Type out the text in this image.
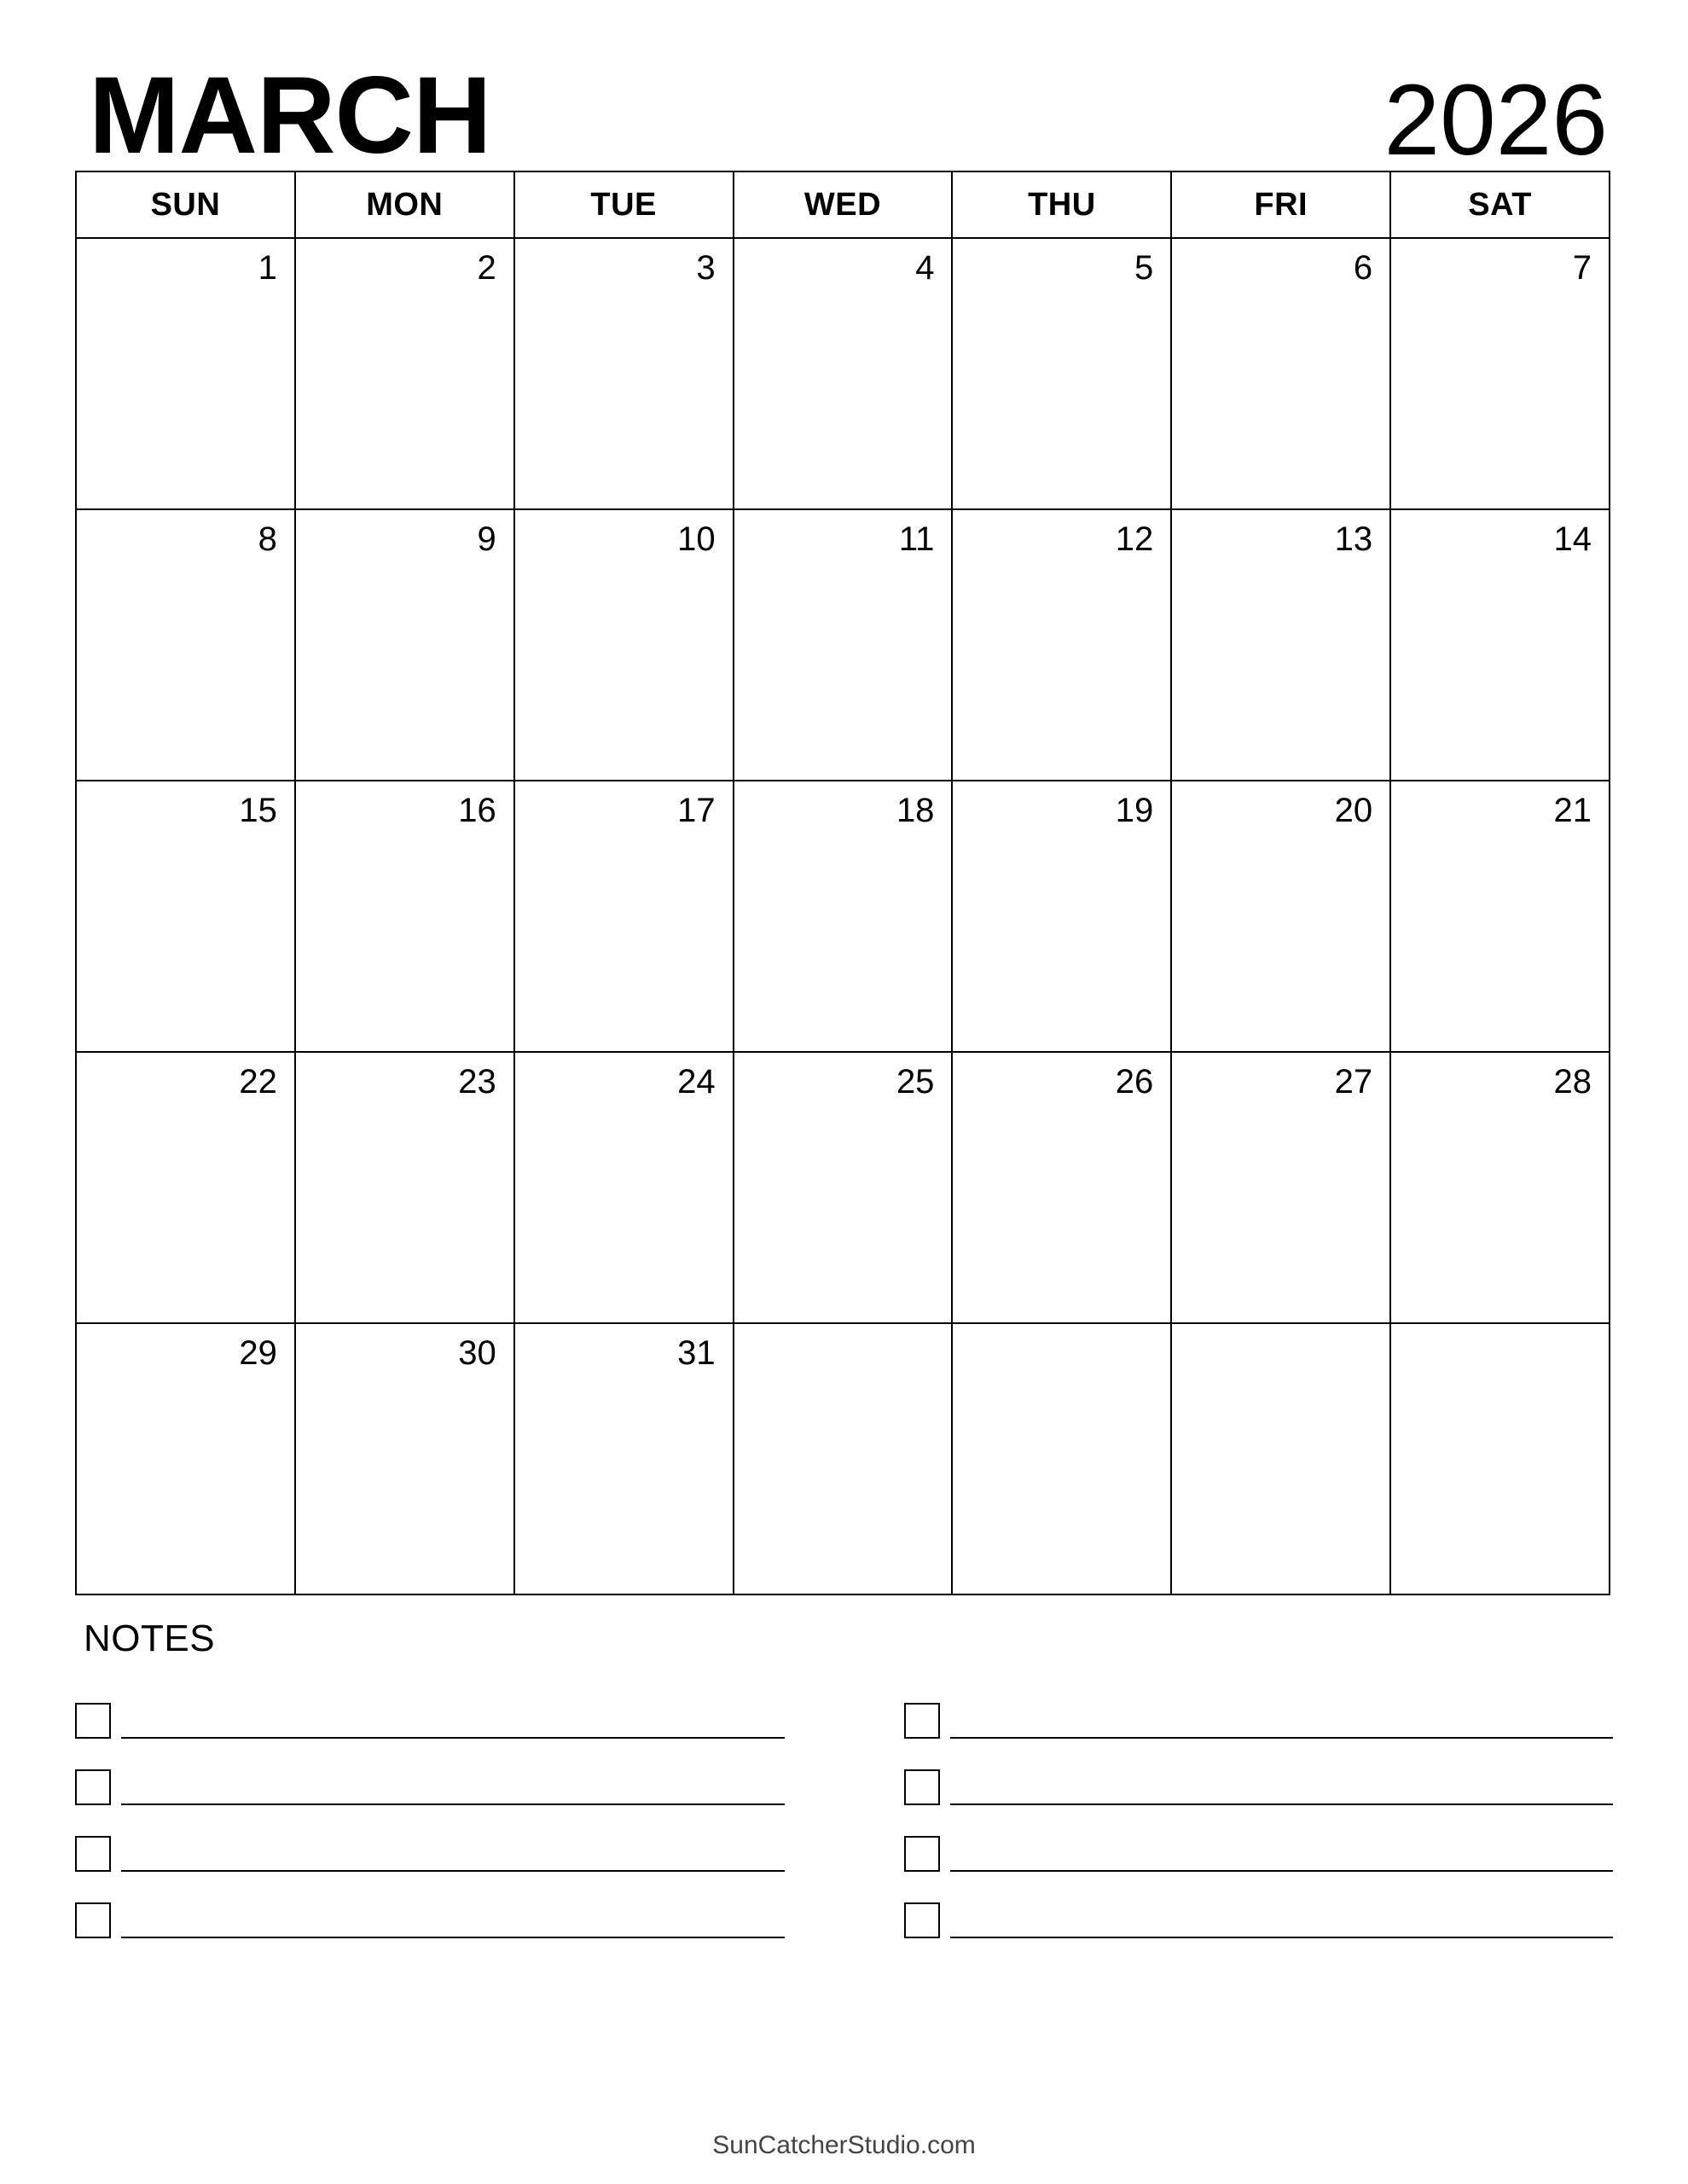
MARCH	2026
SUN	MON	TUE	WED	THU	FRI	SAT
1	2	3	4	5	6	7
8	9	10	11	12	13	14
15	16	17	18	19	20	21
22	23	24	25	26	27	28
29	30	31
NOTES
SunCatcherStudio.com
